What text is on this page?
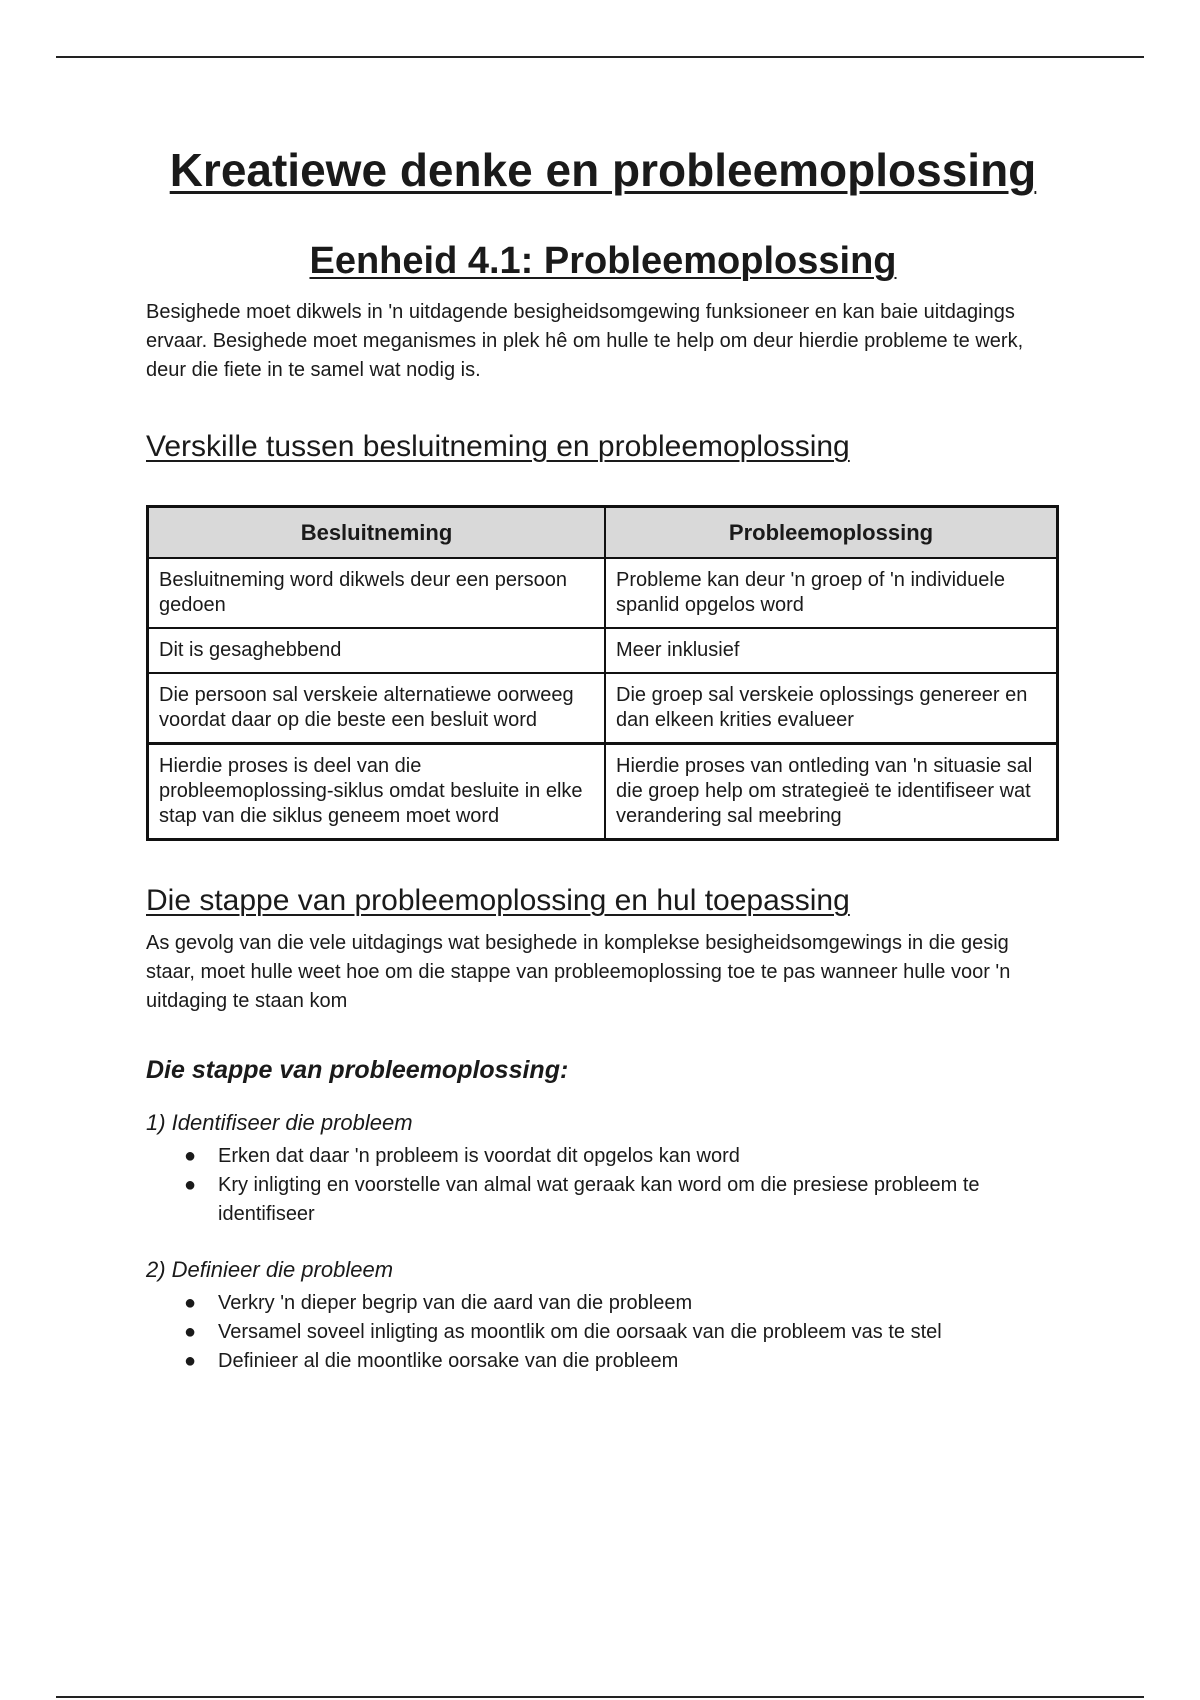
Kreatiewe denke en probleemoplossing
Eenheid 4.1: Probleemoplossing

Besighede moet dikwels in 'n uitdagende besigheidsomgewing funksioneer en kan baie uitdagings ervaar. Besighede moet meganismes in plek hê om hulle te help om deur hierdie probleme te werk, deur die fiete in te samel wat nodig is.

Verskille tussen besluitneming en probleemoplossing
Besluitneming	Probleemoplossing
Besluitneming word dikwels deur een persoon gedoen	Probleme kan deur 'n groep of 'n individuele spanlid opgelos word
Dit is gesaghebbend	Meer inklusief
Die persoon sal verskeie alternatiewe oorweeg voordat daar op die beste een besluit word	Die groep sal verskeie oplossings genereer en dan elkeen krities evalueer
Hierdie proses is deel van die probleemoplossing-siklus omdat besluite in elke stap van die siklus geneem moet word	Hierdie proses van ontleding van 'n situasie sal die groep help om strategieë te identifiseer wat verandering sal meebring
Die stappe van probleemoplossing en hul toepassing

As gevolg van die vele uitdagings wat besighede in komplekse besigheidsomgewings in die gesig staar, moet hulle weet hoe om die stappe van probleemoplossing toe te pas wanneer hulle voor 'n uitdaging te staan kom

Die stappe van probleemoplossing:
1) Identifiseer die probleem
● Erken dat daar 'n probleem is voordat dit opgelos kan word
● Kry inligting en voorstelle van almal wat geraak kan word om die presiese probleem te identifiseer
2) Definieer die probleem
● Verkry 'n dieper begrip van die aard van die probleem
● Versamel soveel inligting as moontlik om die oorsaak van die probleem vas te stel
● Definieer al die moontlike oorsake van die probleem
